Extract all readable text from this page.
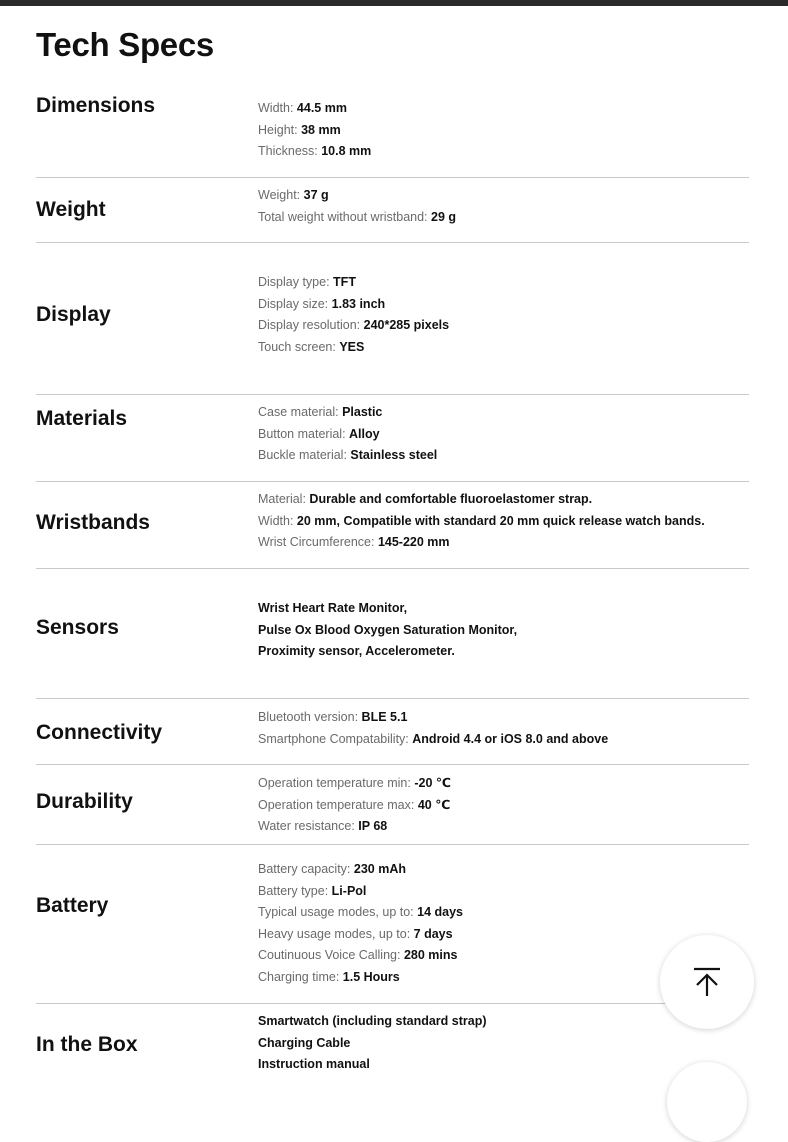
Tech Specs
Dimensions	Width: 44.5 mm
Height: 38 mm
Thickness: 10.8 mm
Weight
Weight: 37 g
Total weight without wristband: 29 g
Display
Display type: TFT
Display size: 1.83 inch
Display resolution: 240*285 pixels
Touch screen: YES
Materials	Case material: Plastic
Button material: Alloy
Buckle material: Stainless steel
Wristbands
Material: Durable and comfortable fluoroelastomer strap.
Width: 20 mm, Compatible with standard 20 mm quick release watch bands.
Wrist Circumference: 145-220 mm
Sensors
Wrist Heart Rate Monitor,
Pulse Ox Blood Oxygen Saturation Monitor,
Proximity sensor, Accelerometer.
Connectivity
Bluetooth version: BLE 5.1
Smartphone Compatability: Android 4.4 or iOS 8.0 and above
Durability
Operation temperature min: -20 ℃
Operation temperature max: 40 ℃
Water resistance: IP 68
Battery
Battery capacity: 230 mAh
Battery type: Li-Pol
Typical usage modes, up to: 14 days
Heavy usage modes, up to: 7 days
Coutinuous Voice Calling: 280 mins
Charging time: 1.5 Hours
In the Box
Smartwatch (including standard strap)
Charging Cable
Instruction manual
